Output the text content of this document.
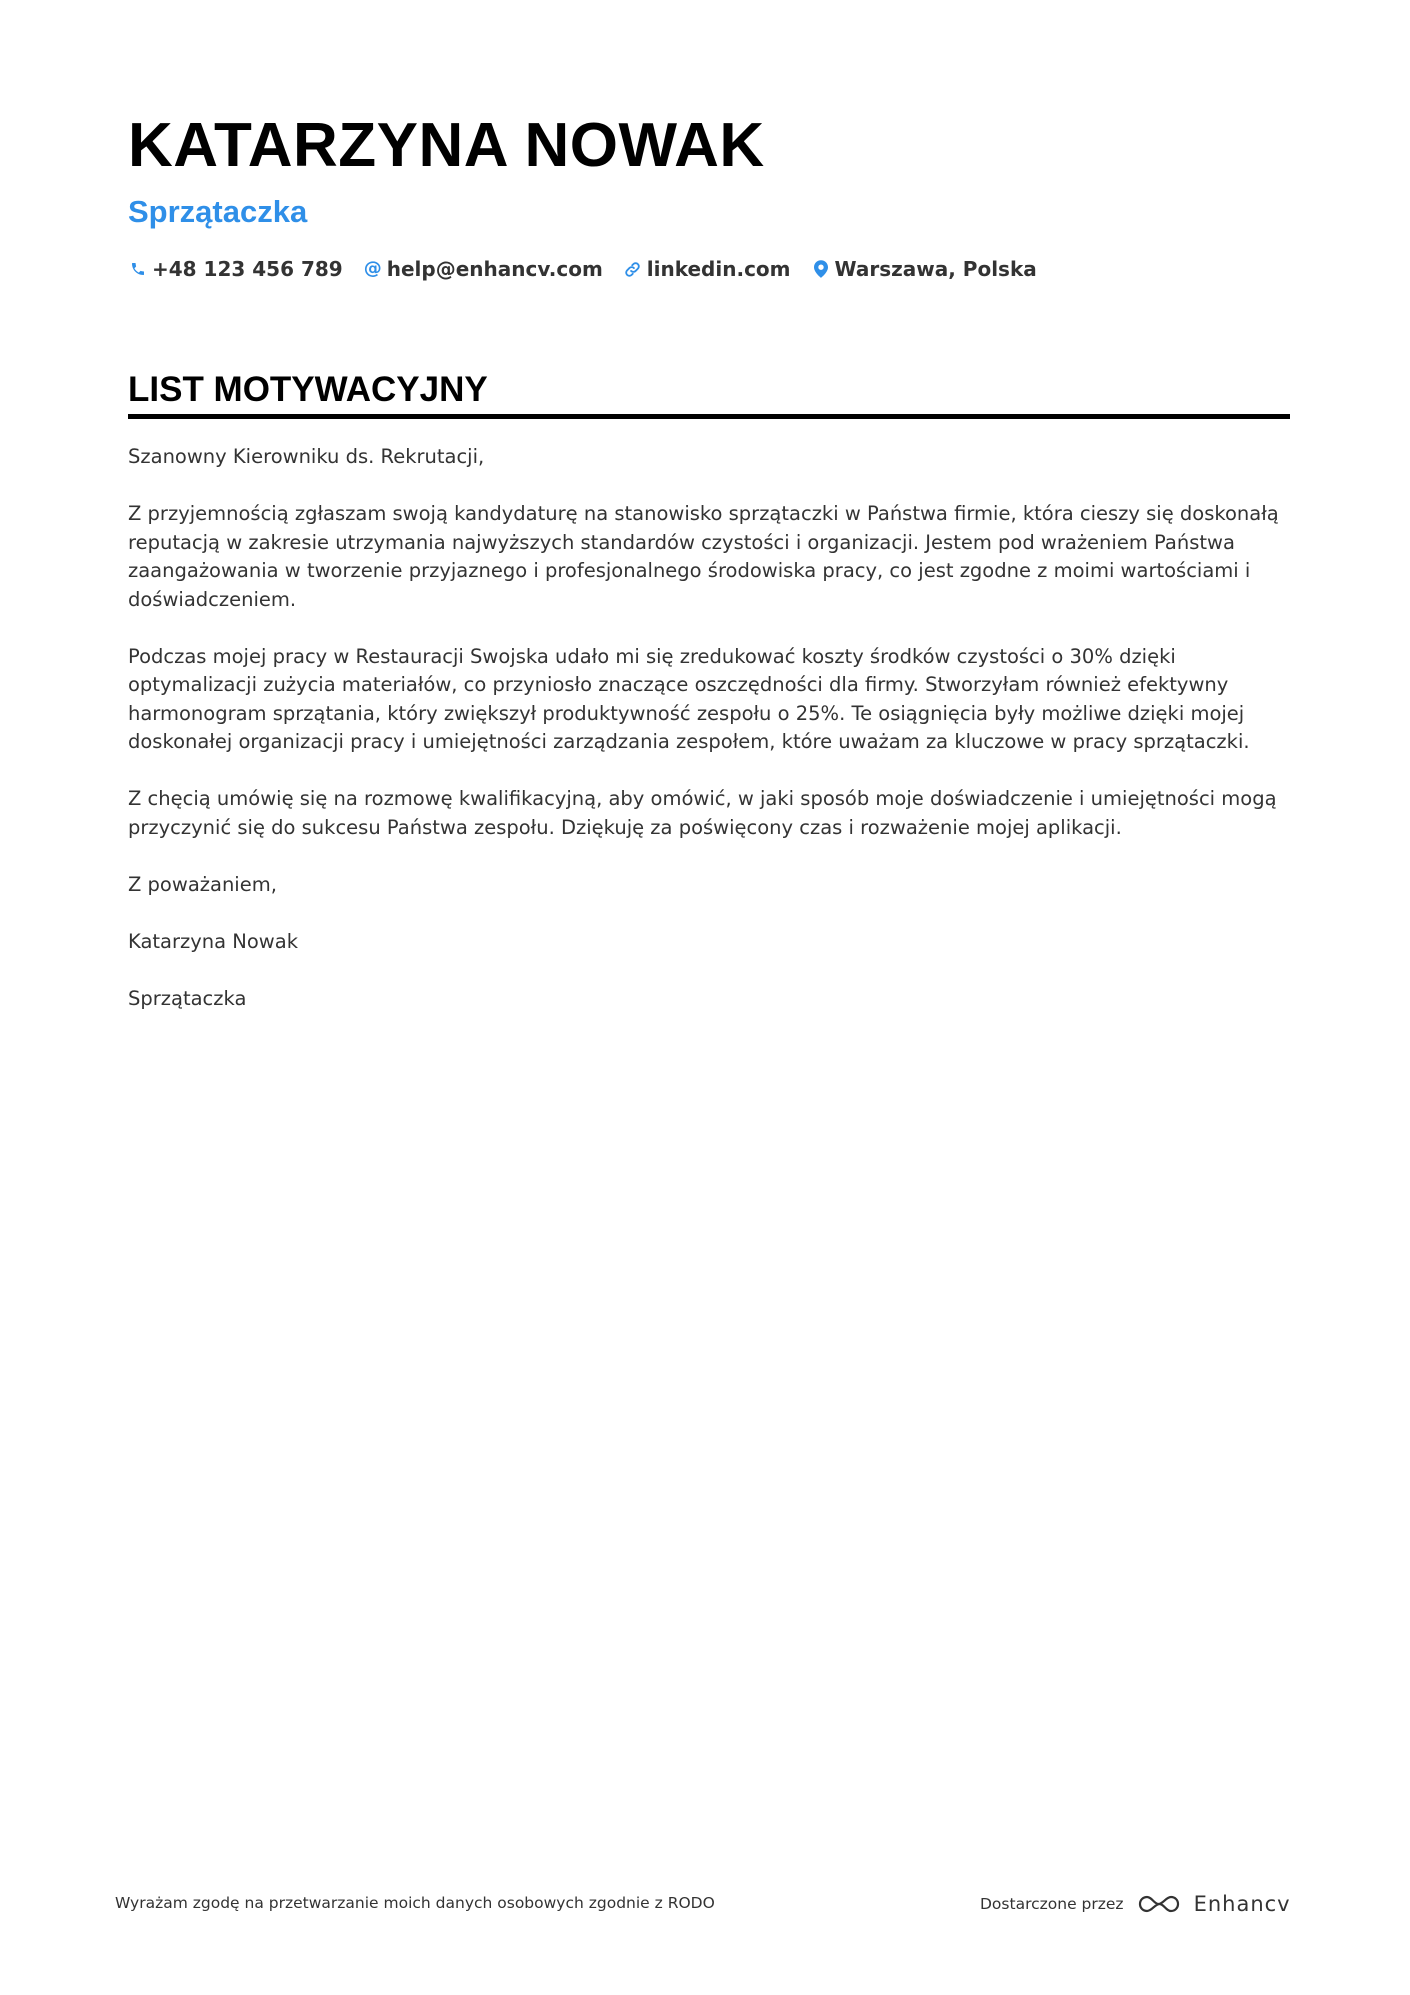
KATARZYNA NOWAK
Sprzątaczka
+48 123 456 789 @ help@enhancv.com linkedin.com Warszawa, Polska
LIST MOTYWACYJNY

Szanowny Kierowniku ds. Rekrutacji,

Z przyjemnością zgłaszam swoją kandydaturę na stanowisko sprzątaczki w Państwa firmie, która cieszy się doskonałą reputacją w zakresie utrzymania najwyższych standardów czystości i organizacji. Jestem pod wrażeniem Państwa zaangażowania w tworzenie przyjaznego i profesjonalnego środowiska pracy, co jest zgodne z moimi wartościami i doświadczeniem.

Podczas mojej pracy w Restauracji Swojska udało mi się zredukować koszty środków czystości o 30% dzięki optymalizacji zużycia materiałów, co przyniosło znaczące oszczędności dla firmy. Stworzyłam również efektywny harmonogram sprzątania, który zwiększył produktywność zespołu o 25%. Te osiągnięcia były możliwe dzięki mojej doskonałej organizacji pracy i umiejętności zarządzania zespołem, które uważam za kluczowe w pracy sprzątaczki.

Z chęcią umówię się na rozmowę kwalifikacyjną, aby omówić, w jaki sposób moje doświadczenie i umiejętności mogą przyczynić się do sukcesu Państwa zespołu. Dziękuję za poświęcony czas i rozważenie mojej aplikacji.

Z poważaniem,

Katarzyna Nowak

Sprzątaczka

Wyrażam zgodę na przetwarzanie moich danych osobowych zgodnie z RODO	Dostarczone przez	Enhancv
